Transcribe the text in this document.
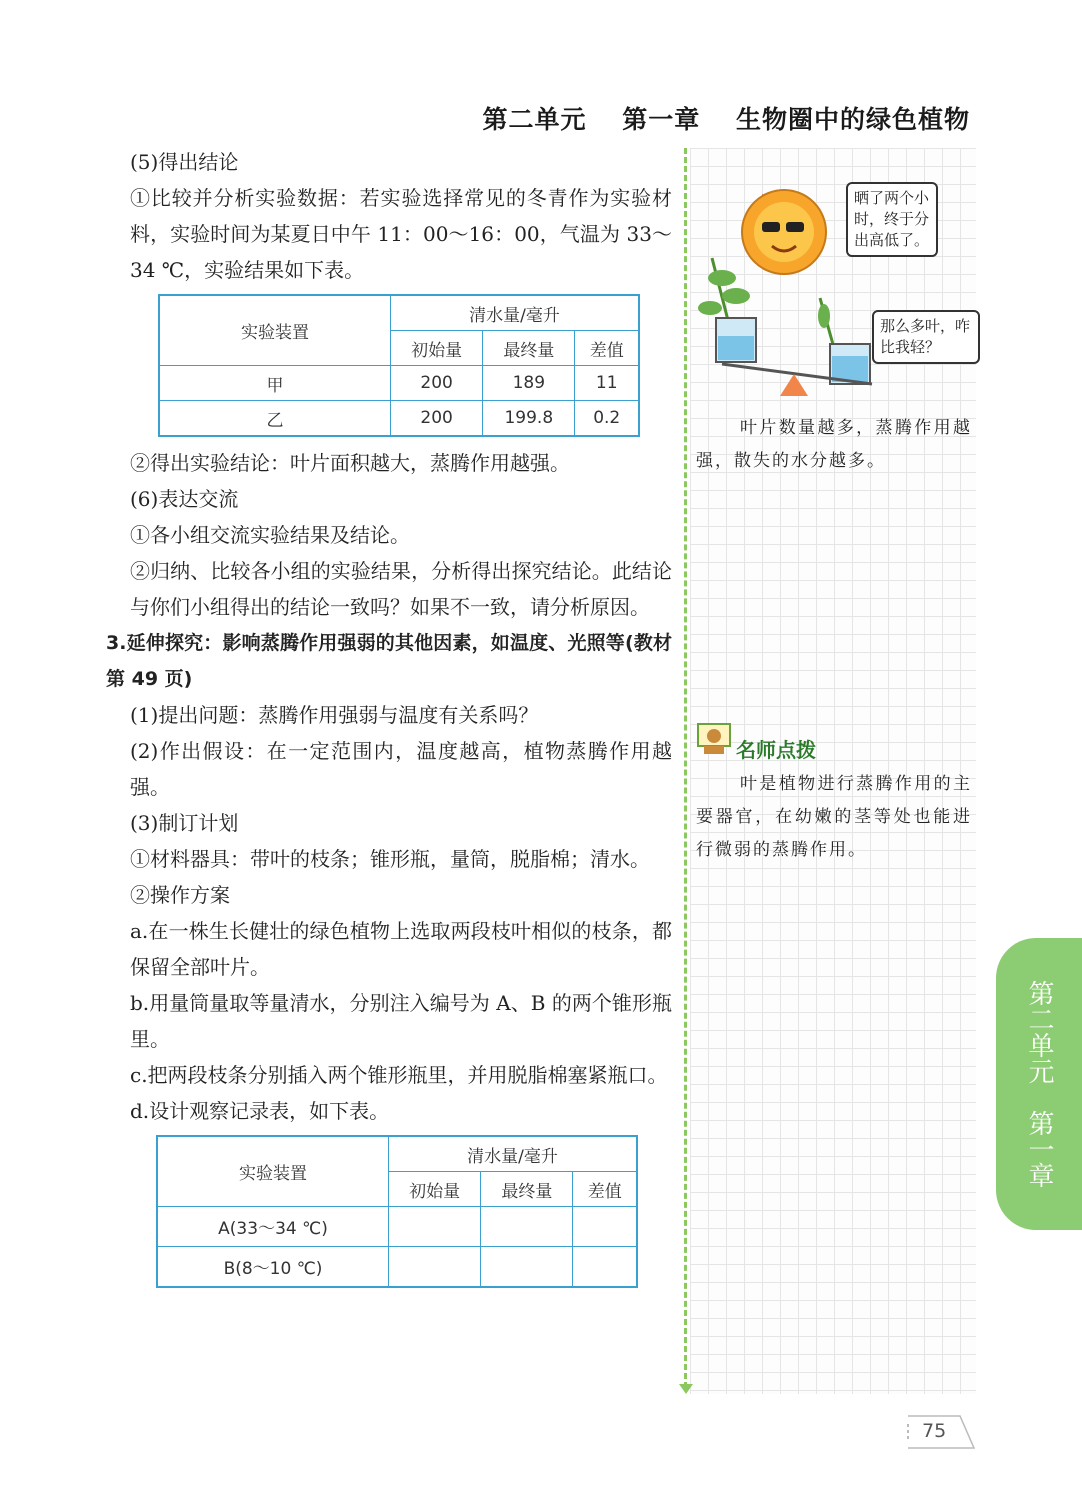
第二单元 第一章 生物圈中的绿色植物

(5)得出结论

①比较并分析实验数据：若实验选择常见的冬青作为实验材料，实验时间为某夏日中午 11：00～16：00，气温为 33～34 ℃，实验结果如下表。

实验装置	清水量/毫升		
	初始量	最终量	差值
甲	200	189	11
乙	200	199.8	0.2

②得出实验结论：叶片面积越大，蒸腾作用越强。

(6)表达交流

①各小组交流实验结果及结论。

②归纳、比较各小组的实验结果，分析得出探究结论。此结论与你们小组得出的结论一致吗？如果不一致，请分析原因。

3.延伸探究：影响蒸腾作用强弱的其他因素，如温度、光照等(教材第 49 页)

(1)提出问题：蒸腾作用强弱与温度有关系吗？

(2)作出假设：在一定范围内，温度越高，植物蒸腾作用越强。

(3)制订计划

①材料器具：带叶的枝条；锥形瓶，量筒，脱脂棉；清水。

②操作方案

a.在一株生长健壮的绿色植物上选取两段枝叶相似的枝条，都保留全部叶片。

b.用量筒量取等量清水，分别注入编号为 A、B 的两个锥形瓶里。

c.把两段枝条分别插入两个锥形瓶里，并用脱脂棉塞紧瓶口。

d.设计观察记录表，如下表。

实验装置	清水量/毫升		
	初始量	最终量	差值
A(33～34 ℃)			
B(8～10 ℃)			
晒了两个小时，终于分出高低了。
那么多叶，咋比我轻？
叶片数量越多，蒸腾作用越强，散失的水分越多。
名师点拨
叶是植物进行蒸腾作用的主要器官，在幼嫩的茎等处也能进行微弱的蒸腾作用。
第二单元　第一章
75
